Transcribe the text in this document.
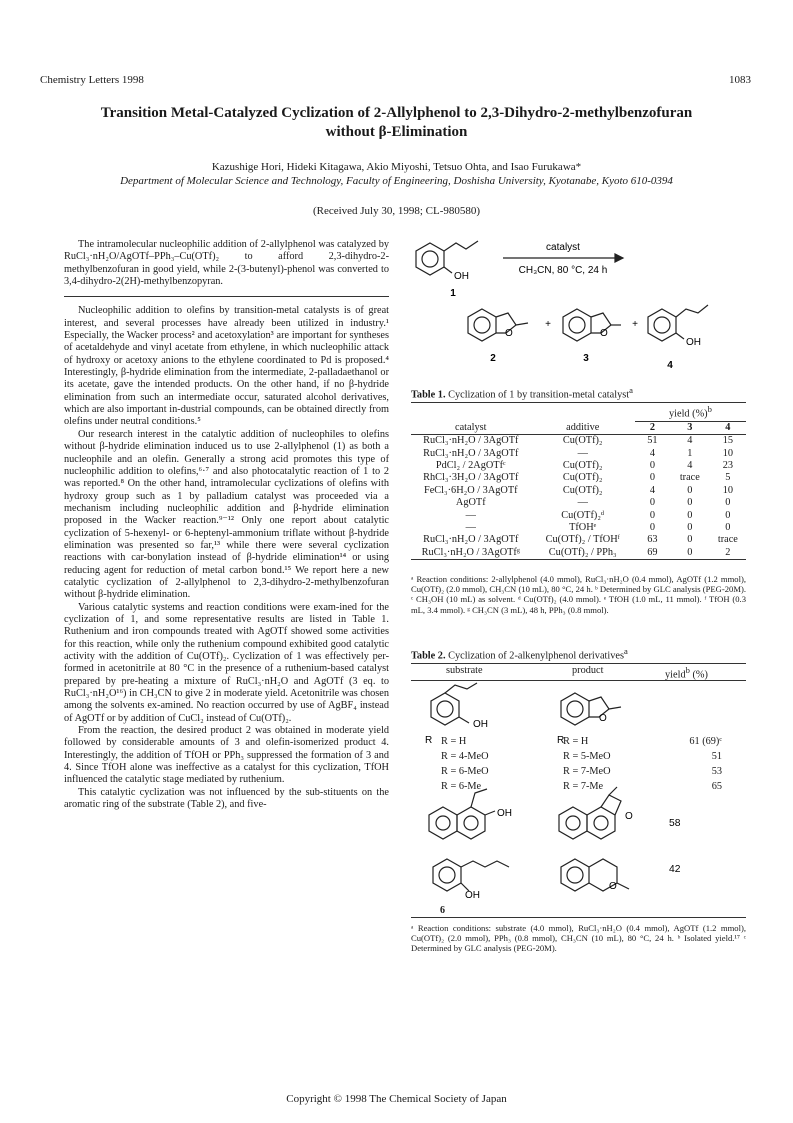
Chemistry Letters 1998	1083
Transition Metal-Catalyzed Cyclization of 2-Allylphenol to 2,3-Dihydro-2-methylbenzofuran
without β-Elimination
Kazushige Hori, Hideki Kitagawa, Akio Miyoshi, Tetsuo Ohta, and Isao Furukawa*
Department of Molecular Science and Technology, Faculty of Engineering, Doshisha University, Kyotanabe, Kyoto 610-0394
(Received July 30, 1998; CL-980580)

The intramolecular nucleophilic addition of 2-allylphenol was catalyzed by RuCl₃·nH₂O/AgOTf–PPh₃–Cu(OTf)₂ to afford 2,3-dihydro-2-methylbenzofuran in good yield, while 2-(3-butenyl)-phenol was converted to 3,4-dihydro-2(2H)-methylbenzopyran.

Nucleophilic addition to olefins by transition-metal catalysts is of great interest, and several processes have already been utilized in industry.¹ Especially, the Wacker process² and acetoxylation³ are important for syntheses of acetaldehyde and vinyl acetate from ethylene, in which nucleophilic attack of hydroxy or acetoxy anions to the ethylene coordinated to Pd is proposed.⁴ Interestingly, β-hydride elimination from the intermediate, 2-palladaethanol or its acetate, gave the intended products. On the other hand, if no β-hydride elimination from such an intermediate occur, saturated alcohol derivatives, which are also important in-dustrial compounds, can be obtained directly from olefins under neutral conditions.⁵

Our research interest in the catalytic addition of nucleophiles to olefins without β-hydride elimination induced us to use 2-allylphenol (1) as both a nucleophile and an olefin. Generally a strong acid promotes this type of nucleophilic addition to olefins,⁶·⁷ and also photocatalytic reaction of 1 to 2 was reported.⁸ On the other hand, intramolecular cyclizations of olefins with hydroxy group such as 1 by palladium catalyst was proceeded via a mechanism including nucleophilic addition and β-hydride elimination proposed in the Wacker reaction.⁹⁻¹² Only one report about catalytic cyclization of 5-hexenyl- or 6-heptenyl-ammonium triflate without β-hydride elimination was presented so far,¹³ while there were several cyclization reactions with car-bonylation instead of β-hydride elimination¹⁴ or using reducing agent for reduction of metal carbon bond.¹⁵ We report here a new catalytic cyclization of 2-allylphenol to 2,3-dihydro-2-methylbenzofuran without β-hydride elimination.

Various catalytic systems and reaction conditions were exam-ined for the cyclization of 1, and some representative results are listed in Table 1. Ruthenium and iron compounds treated with AgOTf showed some activities for this reaction, while only the ruthenium compound exhibited good catalytic activity with the addition of Cu(OTf)₂. Cyclization of 1 was effectively per-formed in acetonitrile at 80 °C in the presence of a ruthenium-based catalyst prepared by pre-heating a mixture of RuCl₃·nH₂O and AgOTf (3 eq. to RuCl₃·nH₂O¹⁶) in CH₃CN to give 2 in moderate yield. Acetonitrile was chosen among the solvents ex-amined. No reaction occurred by use of AgBF₄ instead of AgOTf or by addition of CuCl₂ instead of Cu(OTf)₂.

From the reaction, the desired product 2 was obtained in moderate yield followed by considerable amounts of 3 and olefin-isomerized product 4. Interestingly, the addition of TfOH or PPh₃ suppressed the formation of 3 and 4. Since TfOH alone was ineffective as a catalyst for this cyclization, TfOH influenced the catalytic stage mediated by ruthenium.

This catalytic cyclization was not influenced by the sub-stituents on the aromatic ring of the substrate (Table 2), and five-

catalyst
CH₃CN, 80 °C, 24 h
OH
1
O
+
O
+
OH
2	3
4
Table 1. Cyclization of 1 by transition-metal catalyst$^a$
		yield (%)$^b$
catalyst	additive	2	3	4
RuCl₃·nH₂O / 3AgOTf	Cu(OTf)₂	51	4	15
RuCl₃·nH₂O / 3AgOTf	—	4	1	10
PdCl₂ / 2AgOTfᶜ	Cu(OTf)₂	0	4	23
RhCl₃·3H₂O / 3AgOTf	Cu(OTf)₂	0	trace	5
FeCl₃·6H₂O / 3AgOTf	Cu(OTf)₂	4	0	10
AgOTf	—	0	0	0
—	Cu(OTf)₂ᵈ	0	0	0
—	TfOHᵉ	0	0	0
RuCl₃·nH₂O / 3AgOTf	Cu(OTf)₂ / TfOHᶠ	63	0	trace
RuCl₃·nH₂O / 3AgOTfᵍ	Cu(OTf)₂ / PPh₃	69	0	2
ᵃ Reaction conditions: 2-allylphenol (4.0 mmol), RuCl₃·nH₂O (0.4 mmol), AgOTf (1.2 mmol), Cu(OTf)₂ (2.0 mmol), CH₃CN (10 mL), 80 °C, 24 h. ᵇ Determined by GLC analysis (PEG-20M). ᶜ CH₃OH (10 mL) as solvent. ᵈ Cu(OTf)₂ (4.0 mmol). ᵉ TfOH (1.0 mL, 11 mmol). ᶠ TfOH (0.3 mL, 3.4 mmol). ᵍ CH₃CN (3 mL), 48 h, PPh₃ (0.8 mmol).
Table 2. Cyclization of 2-alkenylphenol derivatives$^a$
substrate	product	yield$^b$ (%)
R
OH
R
O
OH	O
58
OH
O
42
6
R = H	R = H	61 (69)ᶜ
R = 4-MeO	R = 5-MeO	51
R = 6-MeO	R = 7-MeO	53
R = 6-Me	R = 7-Me	65
ᵃ Reaction conditions: substrate (4.0 mmol), RuCl₃·nH₂O (0.4 mmol), AgOTf (1.2 mmol), Cu(OTf)₂ (2.0 mmol), PPh₃ (0.8 mmol), CH₃CN (10 mL), 80 °C, 24 h. ᵇ Isolated yield.¹⁷ ᶜ Determined by GLC analysis (PEG-20M).
Copyright © 1998 The Chemical Society of Japan
